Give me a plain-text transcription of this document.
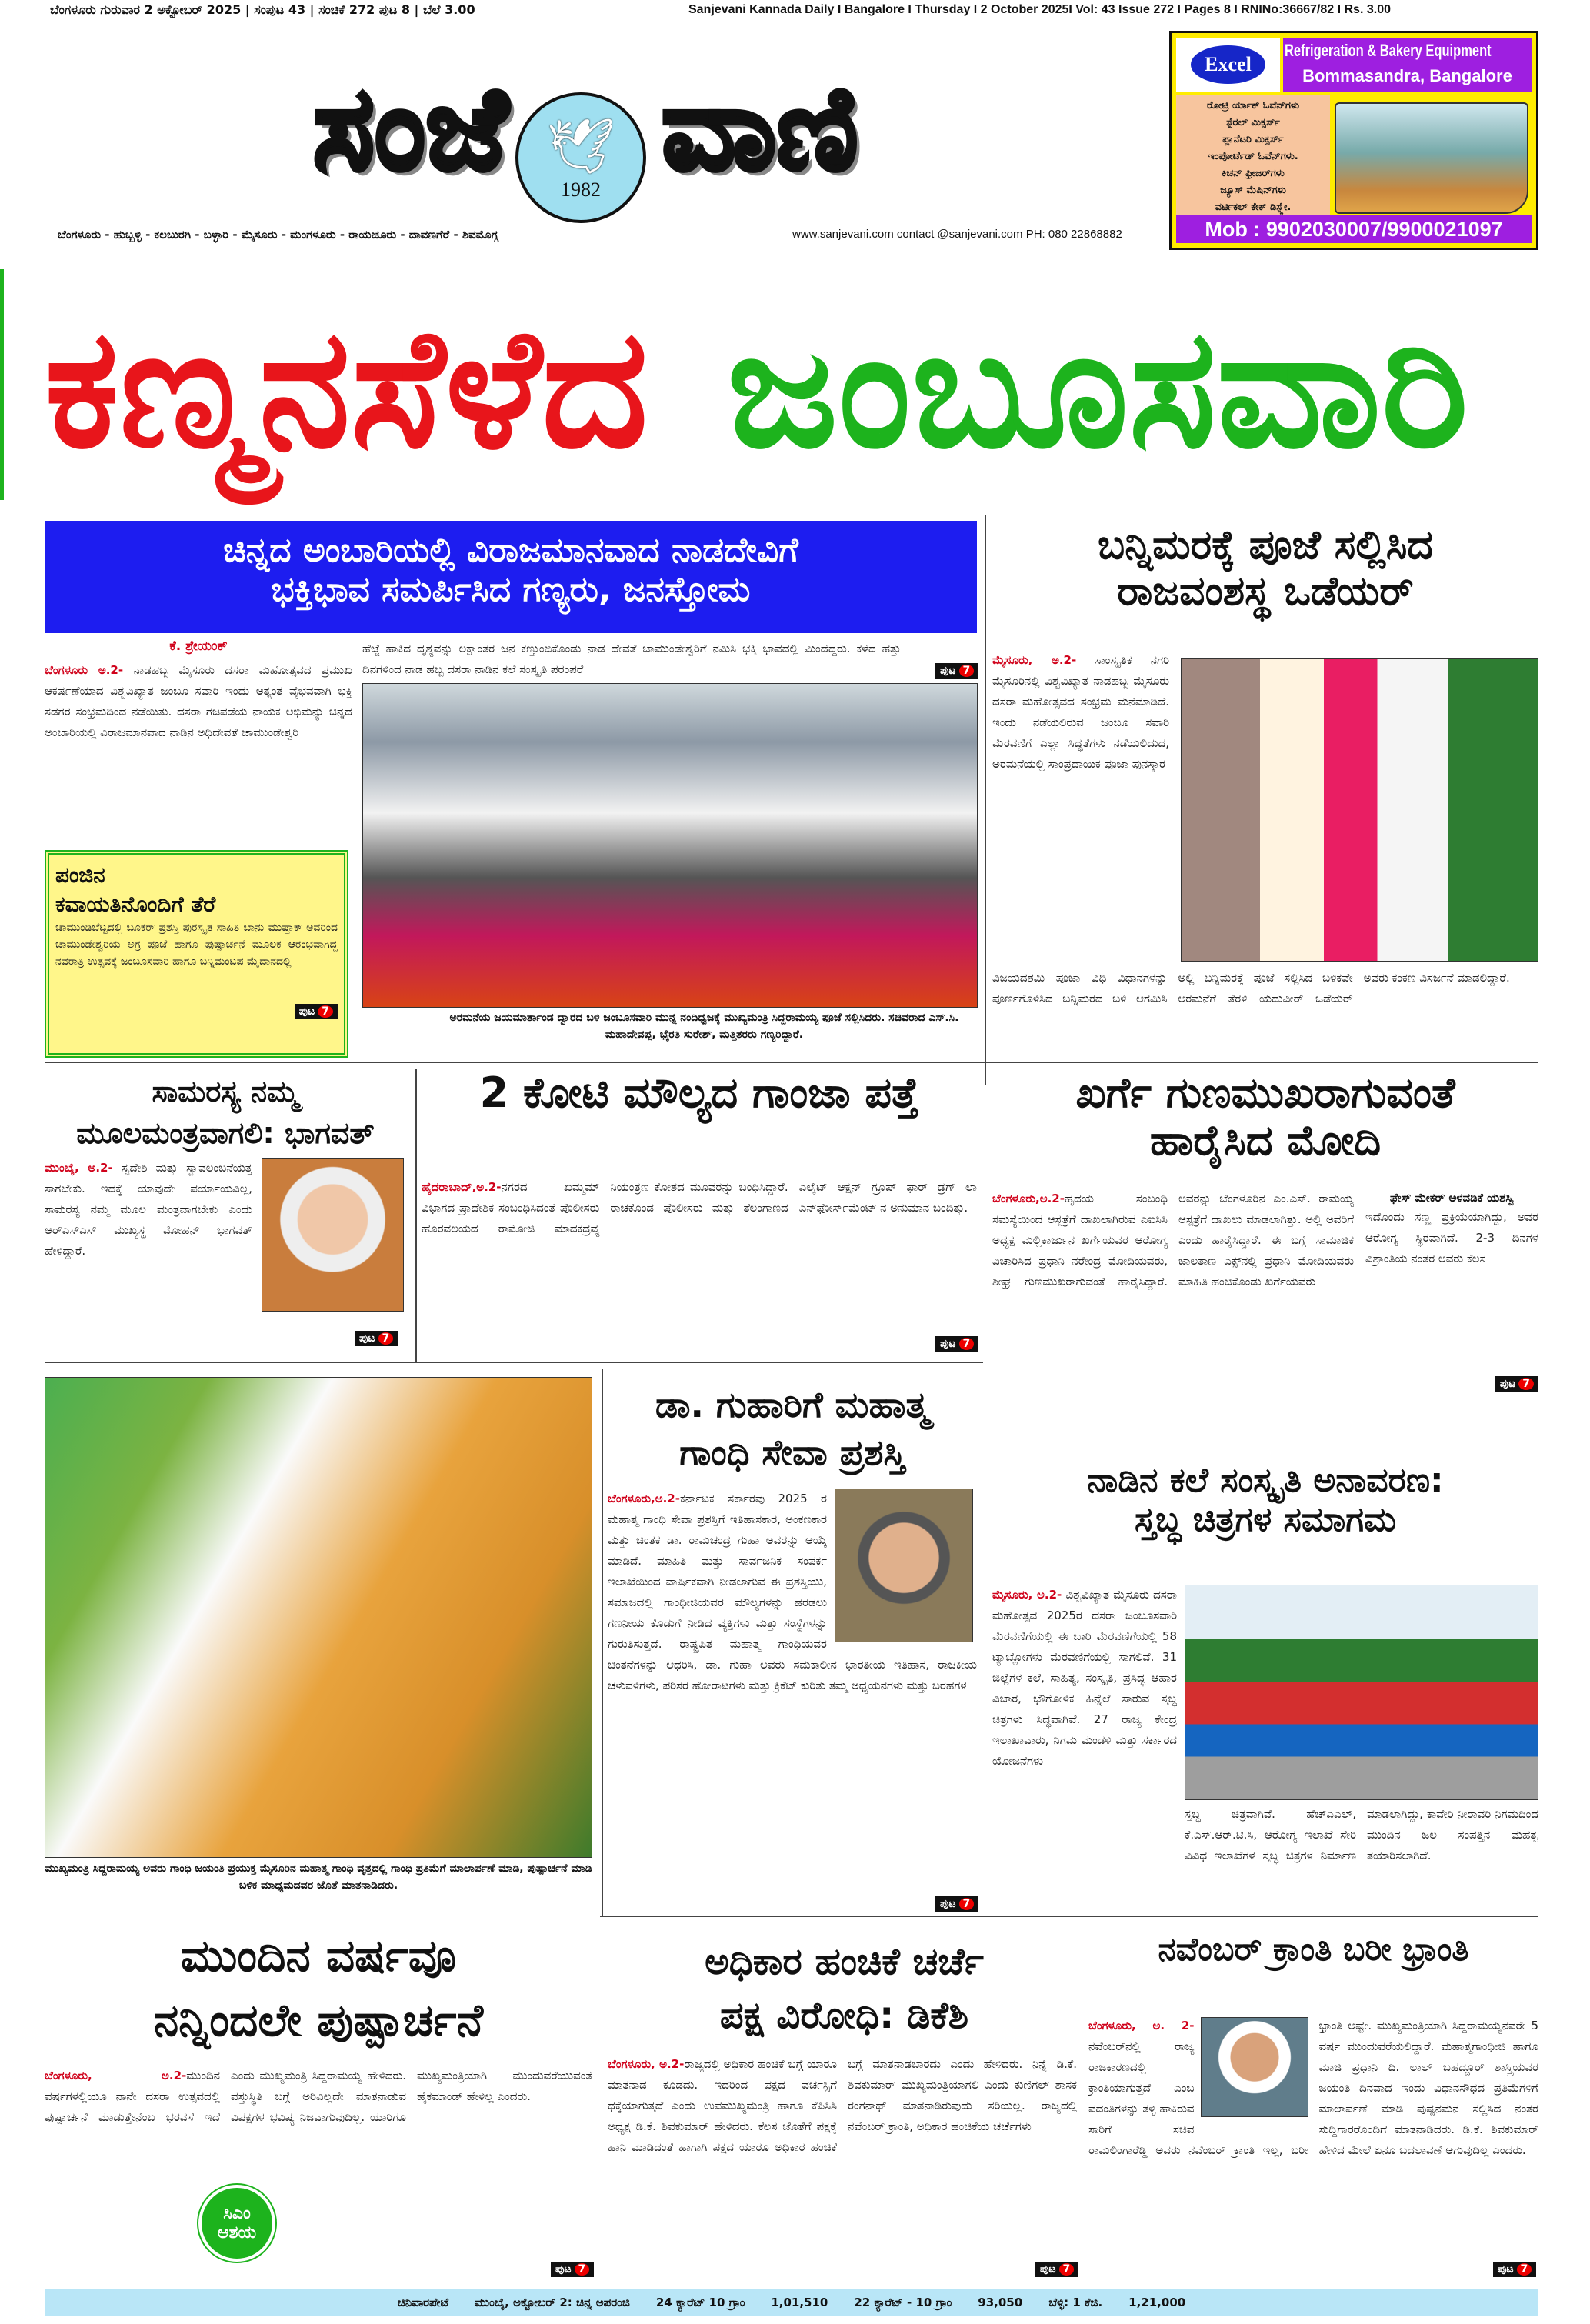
ಬೆಂಗಳೂರು ಗುರುವಾರ 2 ಅಕ್ಟೋಬರ್ 2025 | ಸಂಪುಟ 43 | ಸಂಚಿಕೆ 272 ಪುಟ 8 | ಬೆಲೆ 3.00	Sanjevani Kannada Daily I Bangalore I Thursday I 2 October 2025I Vol: 43 Issue 272 I Pages 8 I RNINo:36667/82 I Rs. 3.00
ಸಂಜೆ ವಾಣಿ
🕊
1982
Excel
Refrigeration & Bakery Equipment
Bommasandra, Bangalore
ರೋಟ್ರಿ ರ್ಯಾಕ್ ಓವೆನ್‌ಗಳು
ಸ್ಪೆರಲ್ ಮಿಕ್ಸರ್ಸ್
ಪ್ಲಾನೆಟರಿ ಮಿಕ್ಸರ್ಸ್
ಇಂಪೋರ್ಟೆಡ್ ಓವೆನ್‌ಗಳು.
ಕಿಚನ್ ಫ್ರೀಜರ್‌ಗಳು
ಜ್ಯೂಸ್ ಮೆಷಿನ್‌ಗಳು
ವರ್ಟಿಕಲ್ ಕೇಕ್ ಡಿಸ್ಪ್ಲೇ.
Mob : 9902030007/9900021097
ಬೆಂಗಳೂರು - ಹುಬ್ಬಳ್ಳಿ - ಕಲಬುರಗಿ - ಬಳ್ಳಾರಿ - ಮೈಸೂರು - ಮಂಗಳೂರು - ರಾಯಚೂರು - ದಾವಣಗೆರೆ - ಶಿವಮೊಗ್ಗ	www.sanjevani.com contact @sanjevani.com PH: 080 22868882
ಕಣ್ಮನಸೆಳೆದ ಜಂಬೂಸವಾರಿ
ಚಿನ್ನದ ಅಂಬಾರಿಯಲ್ಲಿ ವಿರಾಜಮಾನವಾದ ನಾಡದೇವಿಗೆ
ಭಕ್ತಿಭಾವ ಸಮರ್ಪಿಸಿದ ಗಣ್ಯರು, ಜನಸ್ತೋಮ
ಕೆ. ಶ್ರೇಯಂಕ್
ಬೆಂಗಳೂರು ಅ.2- ನಾಡಹಬ್ಬ ಮೈಸೂರು ದಸರಾ ಮಹೋತ್ಸವದ ಪ್ರಮುಖ ಆಕರ್ಷಣೆಯಾದ ವಿಶ್ವವಿಖ್ಯಾತ ಜಂಬೂ ಸವಾರಿ ಇಂದು ಅತ್ಯಂತ ವೈಭವವಾಗಿ ಭಕ್ತಿ ಸಡಗರ ಸಂಭ್ರಮದಿಂದ ನಡೆಯಿತು. ದಸರಾ ಗಜಪಡೆಯ ನಾಯಕ ಅಭಿಮನ್ಯು ಚಿನ್ನದ ಅಂಬಾರಿಯಲ್ಲಿ ವಿರಾಜಮಾನವಾದ ನಾಡಿನ ಅಧಿದೇವತೆ ಚಾಮುಂಡೇಶ್ವರಿ
ಹೆಜ್ಜೆ ಹಾಕಿದ ದೃಶ್ಯವನ್ನು ಲಕ್ಷಾಂತರ ಜನ ಕಣ್ತುಂಬಿಕೊಂಡು ನಾಡ ದೇವತೆ ಚಾಮುಂಡೇಶ್ವರಿಗೆ ನಮಿಸಿ ಭಕ್ತಿ ಭಾವದಲ್ಲಿ ಮಿಂದೆದ್ದರು. ಕಳೆದ ಹತ್ತು ದಿನಗಳಿಂದ ನಾಡ ಹಬ್ಬ ದಸರಾ ನಾಡಿನ ಕಲೆ ಸಂಸ್ಕೃತಿ ಪರಂಪರೆ	ಪುಟ 7
ಅರಮನೆಯ ಜಯಮಾರ್ತಾಂಡ ದ್ವಾರದ ಬಳಿ ಜಂಬೂಸವಾರಿ ಮುನ್ನ ನಂದಿಧ್ವಜಕ್ಕೆ ಮುಖ್ಯಮಂತ್ರಿ ಸಿದ್ದರಾಮಯ್ಯ ಪೂಜೆ ಸಲ್ಲಿಸಿದರು. ಸಚಿವರಾದ ಎಸ್.ಸಿ. ಮಹಾದೇವಪ್ಪ, ಭೈರತಿ ಸುರೇಶ್, ಮತ್ತಿತರರು ಗಣ್ಯರಿದ್ದಾರೆ.
ಪಂಜಿನ
ಕವಾಯತಿನೊಂದಿಗೆ ತೆರೆ
ಚಾಮುಂಡಿಬೆಟ್ಟದಲ್ಲಿ ಬೂಕರ್ ಪ್ರಶಸ್ತಿ ಪುರಸ್ಕೃತ ಸಾಹಿತಿ ಬಾನು ಮುಷ್ತಾಕ್ ಅವರಿಂದ ಚಾಮುಂಡೇಶ್ವರಿಯ ಅಗ್ರ ಪೂಜೆ ಹಾಗೂ ಪುಷ್ಪಾರ್ಚನೆ ಮೂಲಕ ಆರಂಭವಾಗಿದ್ದ ನವರಾತ್ರಿ ಉತ್ಸವಕ್ಕೆ ಜಂಬೂಸವಾರಿ ಹಾಗೂ ಬನ್ನಿಮಂಟಪ ಮೈದಾನದಲ್ಲಿ
ಪುಟ 7
ಬನ್ನಿಮರಕ್ಕೆ ಪೂಜೆ ಸಲ್ಲಿಸಿದ
ರಾಜವಂಶಸ್ಥ ಒಡೆಯರ್
ಮೈಸೂರು, ಅ.2- ಸಾಂಸ್ಕೃತಿಕ ನಗರಿ ಮೈಸೂರಿನಲ್ಲಿ ವಿಶ್ವವಿಖ್ಯಾತ ನಾಡಹಬ್ಬ ಮೈಸೂರು ದಸರಾ ಮಹೋತ್ಸವದ ಸಂಭ್ರಮ ಮನೆಮಾಡಿದೆ. ಇಂದು ನಡೆಯಲಿರುವ ಜಂಬೂ ಸವಾರಿ ಮೆರವಣಿಗೆ ಎಲ್ಲಾ ಸಿದ್ಧತೆಗಳು ನಡೆಯಲಿದುದ, ಅರಮನೆಯಲ್ಲಿ ಸಾಂಪ್ರದಾಯಿಕ ಪೂಜಾ ಪುನಸ್ಕಾರ
ವಿಜಯದಶಮಿ ಪೂಜಾ ವಿಧಿ ವಿಧಾನಗಳನ್ನು ಪೂರ್ಣಗೊಳಿಸಿದ ಬನ್ನಿಮರದ ಬಳಿ ಆಗಮಿಸಿ ಅಲ್ಲಿ ಬನ್ನಿಮರಕ್ಕೆ ಪೂಜೆ ಸಲ್ಲಿಸಿದ ಬಳಿಕವೇ ಅರಮನೆಗೆ ತೆರಳಿ ಯದುವೀರ್ ಒಡೆಯರ್ ಅವರು ಕಂಕಣ ವಿಸರ್ಜನೆ ಮಾಡಲಿದ್ದಾರೆ.
ಸಾಮರಸ್ಯ ನಮ್ಮ
ಮೂಲಮಂತ್ರವಾಗಲಿ: ಭಾಗವತ್
ಮುಂಬೈ, ಅ.2- ಸ್ವದೇಶಿ ಮತ್ತು ಸ್ವಾವಲಂಬನೆಯತ್ತ ಸಾಗಬೇಕು. ಇದಕ್ಕೆ ಯಾವುದೇ ಪರ್ಯಾಯವಿಲ್ಲ, ಸಾಮರಸ್ಯ ನಮ್ಮ ಮೂಲ ಮಂತ್ರವಾಗಬೇಕು ಎಂದು ಆರ್‌ಎಸ್‌ಎಸ್ ಮುಖ್ಯಸ್ಥ ಮೋಹನ್ ಭಾಗವತ್ ಹೇಳಿದ್ದಾರೆ.
ಪುಟ 7
2 ಕೋಟಿ ಮೌಲ್ಯದ ಗಾಂಜಾ ಪತ್ತೆ
ಹೈದರಾಬಾದ್,ಅ.2-ನಗರದ ಖಮ್ಮಮ್ ವಿಭಾಗದ ಪ್ರಾದೇಶಿಕ ಸಂಬಂಧಿಸಿದಂತೆ ಪೊಲೀಸರು ಹೊರವಲಯದ ರಾಮೋಜಿ ಮಾದಕದ್ರವ್ಯ ನಿಯಂತ್ರಣ ಕೋಶದ ಮೂವರನ್ನು ಬಂಧಿಸಿದ್ದಾರೆ. ರಾಚಕೊಂಡ ಪೊಲೀಸರು ಮತ್ತು ತೆಲಂಗಾಣದ ಎಲೈಟ್ ಆಕ್ಷನ್ ಗ್ರೂಪ್ ಫಾರ್ ಡ್ರಗ್ ಲಾ ಎನ್‌ಫೋರ್ಸ್‌ಮೆಂಟ್ ನ ಅನುಮಾನ ಬಂದಿತ್ತು.
ಪುಟ 7
ಖರ್ಗೆ ಗುಣಮುಖರಾಗುವಂತೆ
ಹಾರೈಸಿದ ಮೋದಿ
ಬೆಂಗಳೂರು,ಅ.2-ಹೃದಯ ಸಂಬಂಧಿ ಸಮಸ್ಯೆಯಿಂದ ಆಸ್ಪತ್ರೆಗೆ ದಾಖಲಾಗಿರುವ ಎಐಸಿಸಿ ಅಧ್ಯಕ್ಷ ಮಲ್ಲಿಕಾರ್ಜುನ ಖರ್ಗೆಯವರ ಆರೋಗ್ಯ ವಿಚಾರಿಸಿದ ಪ್ರಧಾನಿ ನರೇಂದ್ರ ಮೋದಿಯವರು, ಶೀಘ್ರ ಗುಣಮುಖರಾಗುವಂತೆ ಹಾರೈಸಿದ್ದಾರೆ. ಅವರನ್ನು ಬೆಂಗಳೂರಿನ ಎಂ.ಎಸ್. ರಾಮಯ್ಯ ಆಸ್ಪತ್ರೆಗೆ ದಾಖಲು ಮಾಡಲಾಗಿತ್ತು. ಅಲ್ಲಿ ಅವರಿಗೆ ಎಂದು ಹಾರೈಸಿದ್ದಾರೆ. ಈ ಬಗ್ಗೆ ಸಾಮಾಜಿಕ ಜಾಲತಾಣ ಎಕ್ಸ್‌ನಲ್ಲಿ ಪ್ರಧಾನಿ ಮೋದಿಯವರು ಮಾಹಿತಿ ಹಂಚಿಕೊಂಡು ಖರ್ಗೆಯವರು
ಫೇಸ್ ಮೇಕರ್ ಅಳವಡಿಕೆ ಯಶಸ್ವಿ
ಇದೊಂದು ಸಣ್ಣ ಪ್ರಕ್ರಿಯೆಯಾಗಿದ್ದು, ಅವರ ಆರೋಗ್ಯ ಸ್ಥಿರವಾಗಿದೆ. 2-3 ದಿನಗಳ ವಿಶ್ರಾಂತಿಯ ನಂತರ ಅವರು ಕೆಲಸ
ಪುಟ 7
ಮುಖ್ಯಮಂತ್ರಿ ಸಿದ್ದರಾಮಯ್ಯ ಅವರು ಗಾಂಧಿ ಜಯಂತಿ ಪ್ರಯುಕ್ತ ಮೈಸೂರಿನ ಮಹಾತ್ಮ ಗಾಂಧಿ ವೃತ್ತದಲ್ಲಿ ಗಾಂಧಿ ಪ್ರತಿಮೆಗೆ ಮಾಲಾರ್ಪಣೆ ಮಾಡಿ, ಪುಷ್ಪಾರ್ಚನೆ ಮಾಡಿ ಬಳಿಕ ಮಾಧ್ಯಮದವರ ಜೊತೆ ಮಾತನಾಡಿದರು.
ಡಾ. ಗುಹಾರಿಗೆ ಮಹಾತ್ಮ
ಗಾಂಧಿ ಸೇವಾ ಪ್ರಶಸ್ತಿ
ಬೆಂಗಳೂರು,ಅ.2-ಕರ್ನಾಟಕ ಸರ್ಕಾರವು 2025 ರ ಮಹಾತ್ಮ ಗಾಂಧಿ ಸೇವಾ ಪ್ರಶಸ್ತಿಗೆ ಇತಿಹಾಸಕಾರ, ಅಂಕಣಕಾರ ಮತ್ತು ಚಿಂತಕ ಡಾ. ರಾಮಚಂದ್ರ ಗುಹಾ ಅವರನ್ನು ಆಯ್ಕೆ ಮಾಡಿದೆ. ಮಾಹಿತಿ ಮತ್ತು ಸಾರ್ವಜನಿಕ ಸಂಪರ್ಕ ಇಲಾಖೆಯಿಂದ ವಾರ್ಷಿಕವಾಗಿ ನೀಡಲಾಗುವ ಈ ಪ್ರಶಸ್ತಿಯು, ಸಮಾಜದಲ್ಲಿ ಗಾಂಧೀಜಿಯವರ ಮೌಲ್ಯಗಳನ್ನು ಹರಡಲು ಗಣನೀಯ ಕೊಡುಗೆ ನೀಡಿದ ವ್ಯಕ್ತಿಗಳು ಮತ್ತು ಸಂಸ್ಥೆಗಳನ್ನು ಗುರುತಿಸುತ್ತದೆ. ರಾಷ್ಟ್ರಪಿತ ಮಹಾತ್ಮ ಗಾಂಧಿಯವರ ಚಿಂತನೆಗಳನ್ನು ಆಧರಿಸಿ, ಡಾ. ಗುಹಾ ಅವರು ಸಮಕಾಲೀನ ಭಾರತೀಯ ಇತಿಹಾಸ, ರಾಜಕೀಯ ಚಳುವಳಿಗಳು, ಪರಿಸರ ಹೋರಾಟಗಳು ಮತ್ತು ಕ್ರಿಕೆಟ್ ಕುರಿತು ತಮ್ಮ ಅಧ್ಯಯನಗಳು ಮತ್ತು ಬರಹಗಳ
ಪುಟ 7
ನಾಡಿನ ಕಲೆ ಸಂಸ್ಕೃತಿ ಅನಾವರಣ:
ಸ್ತಬ್ಧ ಚಿತ್ರಗಳ ಸಮಾಗಮ
ಮೈಸೂರು, ಅ.2- ವಿಶ್ವವಿಖ್ಯಾತ ಮೈಸೂರು ದಸರಾ ಮಹೋತ್ಸವ 2025ರ ದಸರಾ ಜಂಬೂಸವಾರಿ ಮೆರವಣಿಗೆಯಲ್ಲಿ ಈ ಬಾರಿ ಮೆರವಣಿಗೆಯಲ್ಲಿ 58 ಟ್ಯಾಬ್ಲೋಗಳು ಮೆರವಣಿಗೆಯಲ್ಲಿ ಸಾಗಲಿವೆ. 31 ಜಿಲ್ಲೆಗಳ ಕಲೆ, ಸಾಹಿತ್ಯ, ಸಂಸ್ಕೃತಿ, ಪ್ರಸಿದ್ಧ ಆಹಾರ ವಿಚಾರ, ಭೌಗೋಳಿಕ ಹಿನ್ನೆಲೆ ಸಾರುವ ಸ್ತಬ್ಧ ಚಿತ್ರಗಳು ಸಿದ್ಧವಾಗಿವೆ. 27 ರಾಜ್ಯ ಕೇಂದ್ರ ಇಲಾಖಾವಾರು, ನಿಗಮ ಮಂಡಳಿ ಮತ್ತು ಸರ್ಕಾರದ ಯೋಜನೆಗಳು
ಸ್ತಬ್ಧ ಚಿತ್ರವಾಗಿವೆ. ಹೆಚ್‌ಎಎಲ್, ಕೆ.ಎಸ್.ಆರ್.ಟಿ.ಸಿ, ಆರೋಗ್ಯ ಇಲಾಖೆ ಸೇರಿ ವಿವಿಧ ಇಲಾಖೆಗಳ ಸ್ತಬ್ಧ ಚಿತ್ರಗಳ ನಿರ್ಮಾಣ ಮಾಡಲಾಗಿದ್ದು, ಕಾವೇರಿ ನೀರಾವರಿ ನಿಗಮದಿಂದ ಮುಂದಿನ ಜಲ ಸಂಪತ್ತಿನ ಮಹತ್ವ ತಯಾರಿಸಲಾಗಿದೆ.
ಮುಂದಿನ ವರ್ಷವೂ
ನನ್ನಿಂದಲೇ ಪುಷ್ಪಾರ್ಚನೆ
ಬೆಂಗಳೂರು, ಅ.2-ಮುಂದಿನ ವರ್ಷಗಳಲ್ಲಿಯೂ ನಾನೇ ದಸರಾ ಉತ್ಸವದಲ್ಲಿ ಪುಷ್ಪಾರ್ಚನೆ ಮಾಡುತ್ತೇನೆಂಬ ಭರವಸೆ ಇದೆ ಎಂದು ಮುಖ್ಯಮಂತ್ರಿ ಸಿದ್ದರಾಮಯ್ಯ ಹೇಳಿದರು. ವಸ್ತುಸ್ಥಿತಿ ಬಗ್ಗೆ ಅರಿವಿಲ್ಲದೇ ಮಾತನಾಡುವ ವಿಪಕ್ಷಗಳ ಭವಿಷ್ಯ ನಿಜವಾಗುವುದಿಲ್ಲ. ಯಾರಿಗೂ ಮುಖ್ಯಮಂತ್ರಿಯಾಗಿ ಮುಂದುವರೆಯುವಂತೆ ಹೈಕಮಾಂಡ್ ಹೇಳಿಲ್ಲ ಎಂದರು.
ಸಿಎಂ
ಆಶಯ
ಪುಟ 7
ಅಧಿಕಾರ ಹಂಚಿಕೆ ಚರ್ಚೆ
ಪಕ್ಷ ವಿರೋಧಿ: ಡಿಕೆಶಿ
ಬೆಂಗಳೂರು, ಅ.2-ರಾಜ್ಯದಲ್ಲಿ ಅಧಿಕಾರ ಹಂಚಿಕೆ ಬಗ್ಗೆ ಯಾರೂ ಮಾತನಾಡ ಕೂಡದು. ಇದರಿಂದ ಪಕ್ಷದ ವರ್ಚಸ್ಸಿಗೆ ಧಕ್ಕೆಯಾಗುತ್ತದೆ ಎಂದು ಉಪಮುಖ್ಯಮಂತ್ರಿ ಹಾಗೂ ಕೆಪಿಸಿಸಿ ಅಧ್ಯಕ್ಷ ಡಿ.ಕೆ. ಶಿವಕುಮಾರ್ ಹೇಳಿದರು. ಕೆಲಸ ಜೊತೆಗೆ ಪಕ್ಷಕ್ಕೆ ಹಾನಿ ಮಾಡಿದಂತೆ ಹಾಗಾಗಿ ಪಕ್ಷದ ಯಾರೂ ಅಧಿಕಾರ ಹಂಚಿಕೆ ಬಗ್ಗೆ ಮಾತನಾಡಬಾರದು ಎಂದು ಹೇಳಿದರು. ನಿನ್ನೆ ಡಿ.ಕೆ. ಶಿವಕುಮಾರ್ ಮುಖ್ಯಮಂತ್ರಿಯಾಗಲಿ ಎಂದು ಕುಣಿಗಲ್ ಶಾಸಕ ರಂಗನಾಥ್ ಮಾತನಾಡಿರುವುದು ಸರಿಯಲ್ಲ. ರಾಜ್ಯದಲ್ಲಿ ನವೆಂಬರ್ ಕ್ರಾಂತಿ, ಅಧಿಕಾರ ಹಂಚಿಕೆಯ ಚರ್ಚೆಗಳು
ಪುಟ 7
ನವೆಂಬರ್ ಕ್ರಾಂತಿ ಬರೀ ಭ್ರಾಂತಿ
ಬೆಂಗಳೂರು, ಅ. 2- ನವೆಂಬರ್‌ನಲ್ಲಿ ರಾಜ್ಯ ರಾಜಕಾರಣದಲ್ಲಿ ಕ್ರಾಂತಿಯಾಗುತ್ತದೆ ಎಂಬ ವದಂತಿಗಳನ್ನು ತಳ್ಳಿ ಹಾಕಿರುವ ಸಾರಿಗೆ ಸಚಿವ ರಾಮಲಿಂಗಾರೆಡ್ಡಿ ಅವರು ನವೆಂಬರ್ ಕ್ರಾಂತಿ ಇಲ್ಲ, ಬರೀ ಭ್ರಾಂತಿ ಅಷ್ಟೇ. ಮುಖ್ಯಮಂತ್ರಿಯಾಗಿ ಸಿದ್ದರಾಮಯ್ಯನವರೇ 5 ವರ್ಷ ಮುಂದುವರೆಯಲಿದ್ದಾರೆ. ಮಹಾತ್ಮಗಾಂಧೀಜಿ ಹಾಗೂ ಮಾಜಿ ಪ್ರಧಾನಿ ದಿ. ಲಾಲ್ ಬಹದ್ದೂರ್ ಶಾಸ್ತ್ರಿಯವರ ಜಯಂತಿ ದಿನವಾದ ಇಂದು ವಿಧಾನಸೌಧದ ಪ್ರತಿಮೆಗಳಿಗೆ ಮಾಲಾರ್ಪಣೆ ಮಾಡಿ ಪುಷ್ಪನಮನ ಸಲ್ಲಿಸಿದ ನಂತರ ಸುದ್ದಿಗಾರರೊಂದಿಗೆ ಮಾತನಾಡಿದರು. ಡಿ.ಕೆ. ಶಿವಕುಮಾರ್ ಹೇಳಿದ ಮೇಲೆ ಏನೂ ಬದಲಾವಣೆ ಆಗುವುದಿಲ್ಲ ಎಂದರು.
ಪುಟ 7
ಚಿನಿವಾರಪೇಟೆ ಮುಂಬೈ, ಅಕ್ಟೋಬರ್ 2: ಚಿನ್ನ ಅಪರಂಜಿ 24 ಕ್ಯಾರೆಟ್ 10 ಗ್ರಾಂ 1,01,510 22 ಕ್ಯಾರೆಟ್ - 10 ಗ್ರಾಂ 93,050 ಬೆಳ್ಳಿ: 1 ಕೆಜಿ. 1,21,000
